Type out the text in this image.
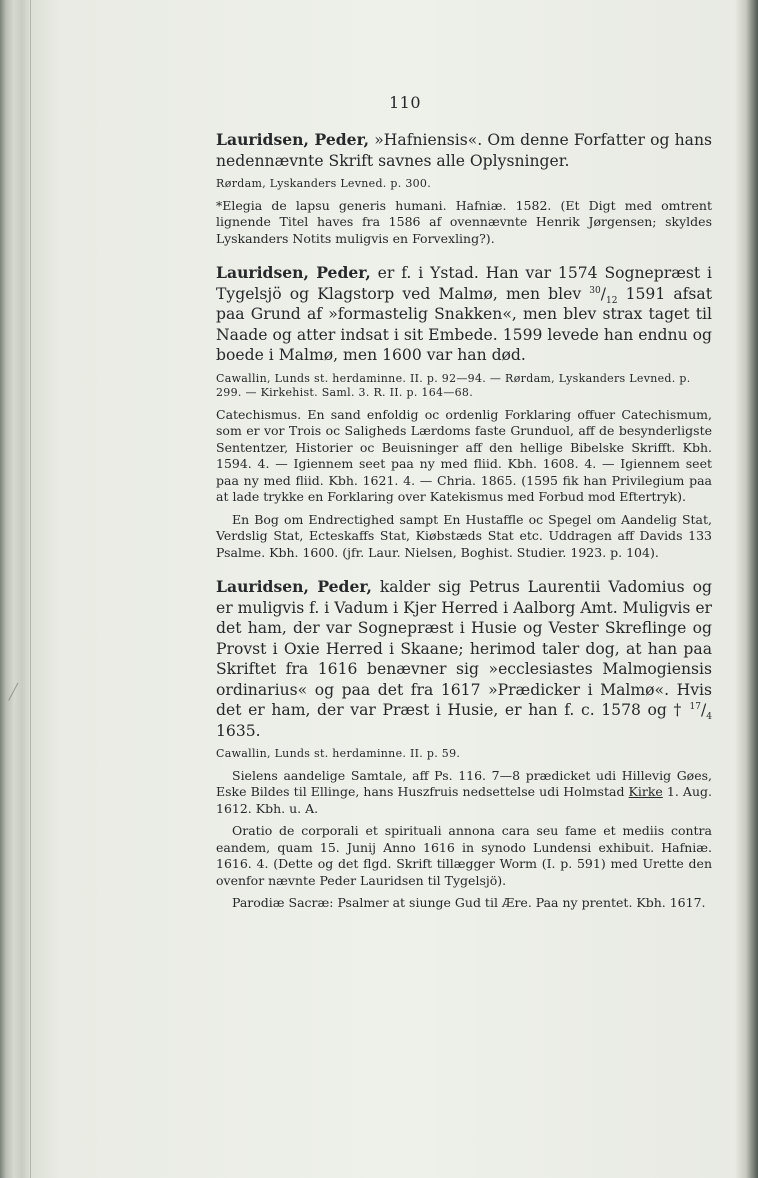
110

Lauridsen, Peder, »Hafniensis«. Om denne Forfatter og hans nedennævnte Skrift savnes alle Oplysninger.

Rørdam, Lyskanders Levned. p. 300.

*Elegia de lapsu generis humani. Hafniæ. 1582. (Et Digt med omtrent lignende Titel haves fra 1586 af ovennævnte Henrik Jørgensen; skyldes Lyskanders Notits muligvis en Forvexling?).

Lauridsen, Peder, er f. i Ystad. Han var 1574 Sognepræst i Tygelsjö og Klagstorp ved Malmø, men blev $^{30}/_{12}$ 1591 afsat paa Grund af »formastelig Snakken«, men blev strax taget til Naade og atter indsat i sit Embede. 1599 levede han endnu og boede i Malmø, men 1600 var han død.

Cawallin, Lunds st. herdaminne. II. p. 92—94. — Rørdam, Lyskanders Levned. p. 299. — Kirkehist. Saml. 3. R. II. p. 164—68.

Catechismus. En sand enfoldig oc ordenlig Forklaring offuer Catechismum, som er vor Trois oc Saligheds Lærdoms faste Grunduol, aff de besynderligste Sententzer, Historier oc Beuisninger aff den hellige Bibelske Skrifft. Kbh. 1594. 4. — Igiennem seet paa ny med fliid. Kbh. 1608. 4. — Igiennem seet paa ny med fliid. Kbh. 1621. 4. — Chria. 1865. (1595 fik han Privilegium paa at lade trykke en Forklaring over Katekismus med Forbud mod Eftertryk).

En Bog om Endrectighed sampt En Hustaffle oc Spegel om Aandelig Stat, Verdslig Stat, Ecteskaffs Stat, Kiøbstæds Stat etc. Uddragen aff Davids 133 Psalme. Kbh. 1600. (jfr. Laur. Nielsen, Boghist. Studier. 1923. p. 104).

Lauridsen, Peder, kalder sig Petrus Laurentii Vadomius og er muligvis f. i Vadum i Kjer Herred i Aalborg Amt. Muligvis er det ham, der var Sognepræst i Husie og Vester Skreflinge og Provst i Oxie Herred i Skaane; herimod taler dog, at han paa Skriftet fra 1616 benævner sig »ecclesiastes Malmogiensis ordinarius« og paa det fra 1617 »Prædicker i Malmø«. Hvis det er ham, der var Præst i Husie, er han f. c. 1578 og † $^{17}/_4$ 1635.

Cawallin, Lunds st. herdaminne. II. p. 59.

Sielens aandelige Samtale, aff Ps. 116. 7—8 prædicket udi Hillevig Gøes, Eske Bildes til Ellinge, hans Huszfruis nedsettelse udi Holmstad Kirke 1. Aug. 1612. Kbh. u. A.

Oratio de corporali et spirituali annona cara seu fame et mediis contra eandem, quam 15. Junij Anno 1616 in synodo Lundensi exhibuit. Hafniæ. 1616. 4. (Dette og det flgd. Skrift tillægger Worm (I. p. 591) med Urette den ovenfor nævnte Peder Lauridsen til Tygelsjö).

Parodiæ Sacræ: Psalmer at siunge Gud til Ære. Paa ny prentet. Kbh. 1617.
